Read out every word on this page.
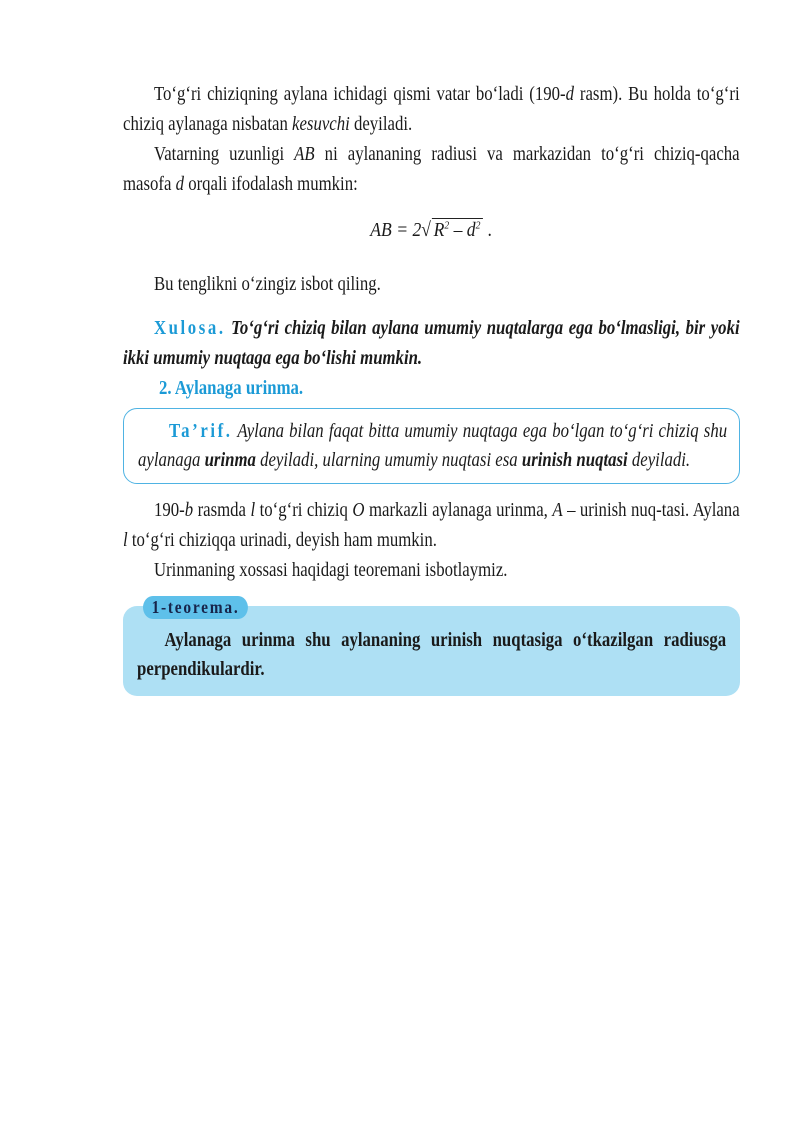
To‘g‘ri chiziqning aylana ichidagi qismi vatar bo‘ladi (190-d rasm). Bu holda to‘g‘ri chiziq aylanaga nisbatan kesuvchi deyiladi.

Vatarning uzunligi AB ni aylananing radiusi va markazidan to‘g‘ri chiziq-qacha masofa d orqali ifodalash mumkin:

AB = 2√ $R^2 - d^2$ .

Bu tenglikni o‘zingiz isbot qiling.

Xulosa. To‘g‘ri chiziq bilan aylana umumiy nuqtalarga ega bo‘lmasligi, bir yoki ikki umumiy nuqtaga ega bo‘lishi mumkin.

2. Aylanaga urinma.

Ta’rif. Aylana bilan faqat bitta umumiy nuqtaga ega bo‘lgan to‘g‘ri chiziq shu aylanaga urinma deyiladi, ularning umumiy nuqtasi esa urinish nuqtasi deyiladi.

190-b rasmda l to‘g‘ri chiziq O markazli aylanaga urinma, A – urinish nuq-tasi. Aylana l to‘g‘ri chiziqqa urinadi, deyish ham mumkin.

Urinmaning xossasi haqidagi teoremani isbotlaymiz.

1-teorema.

Aylanaga urinma shu aylananing urinish nuqtasiga o‘tkazilgan radiusga perpendikulardir.
